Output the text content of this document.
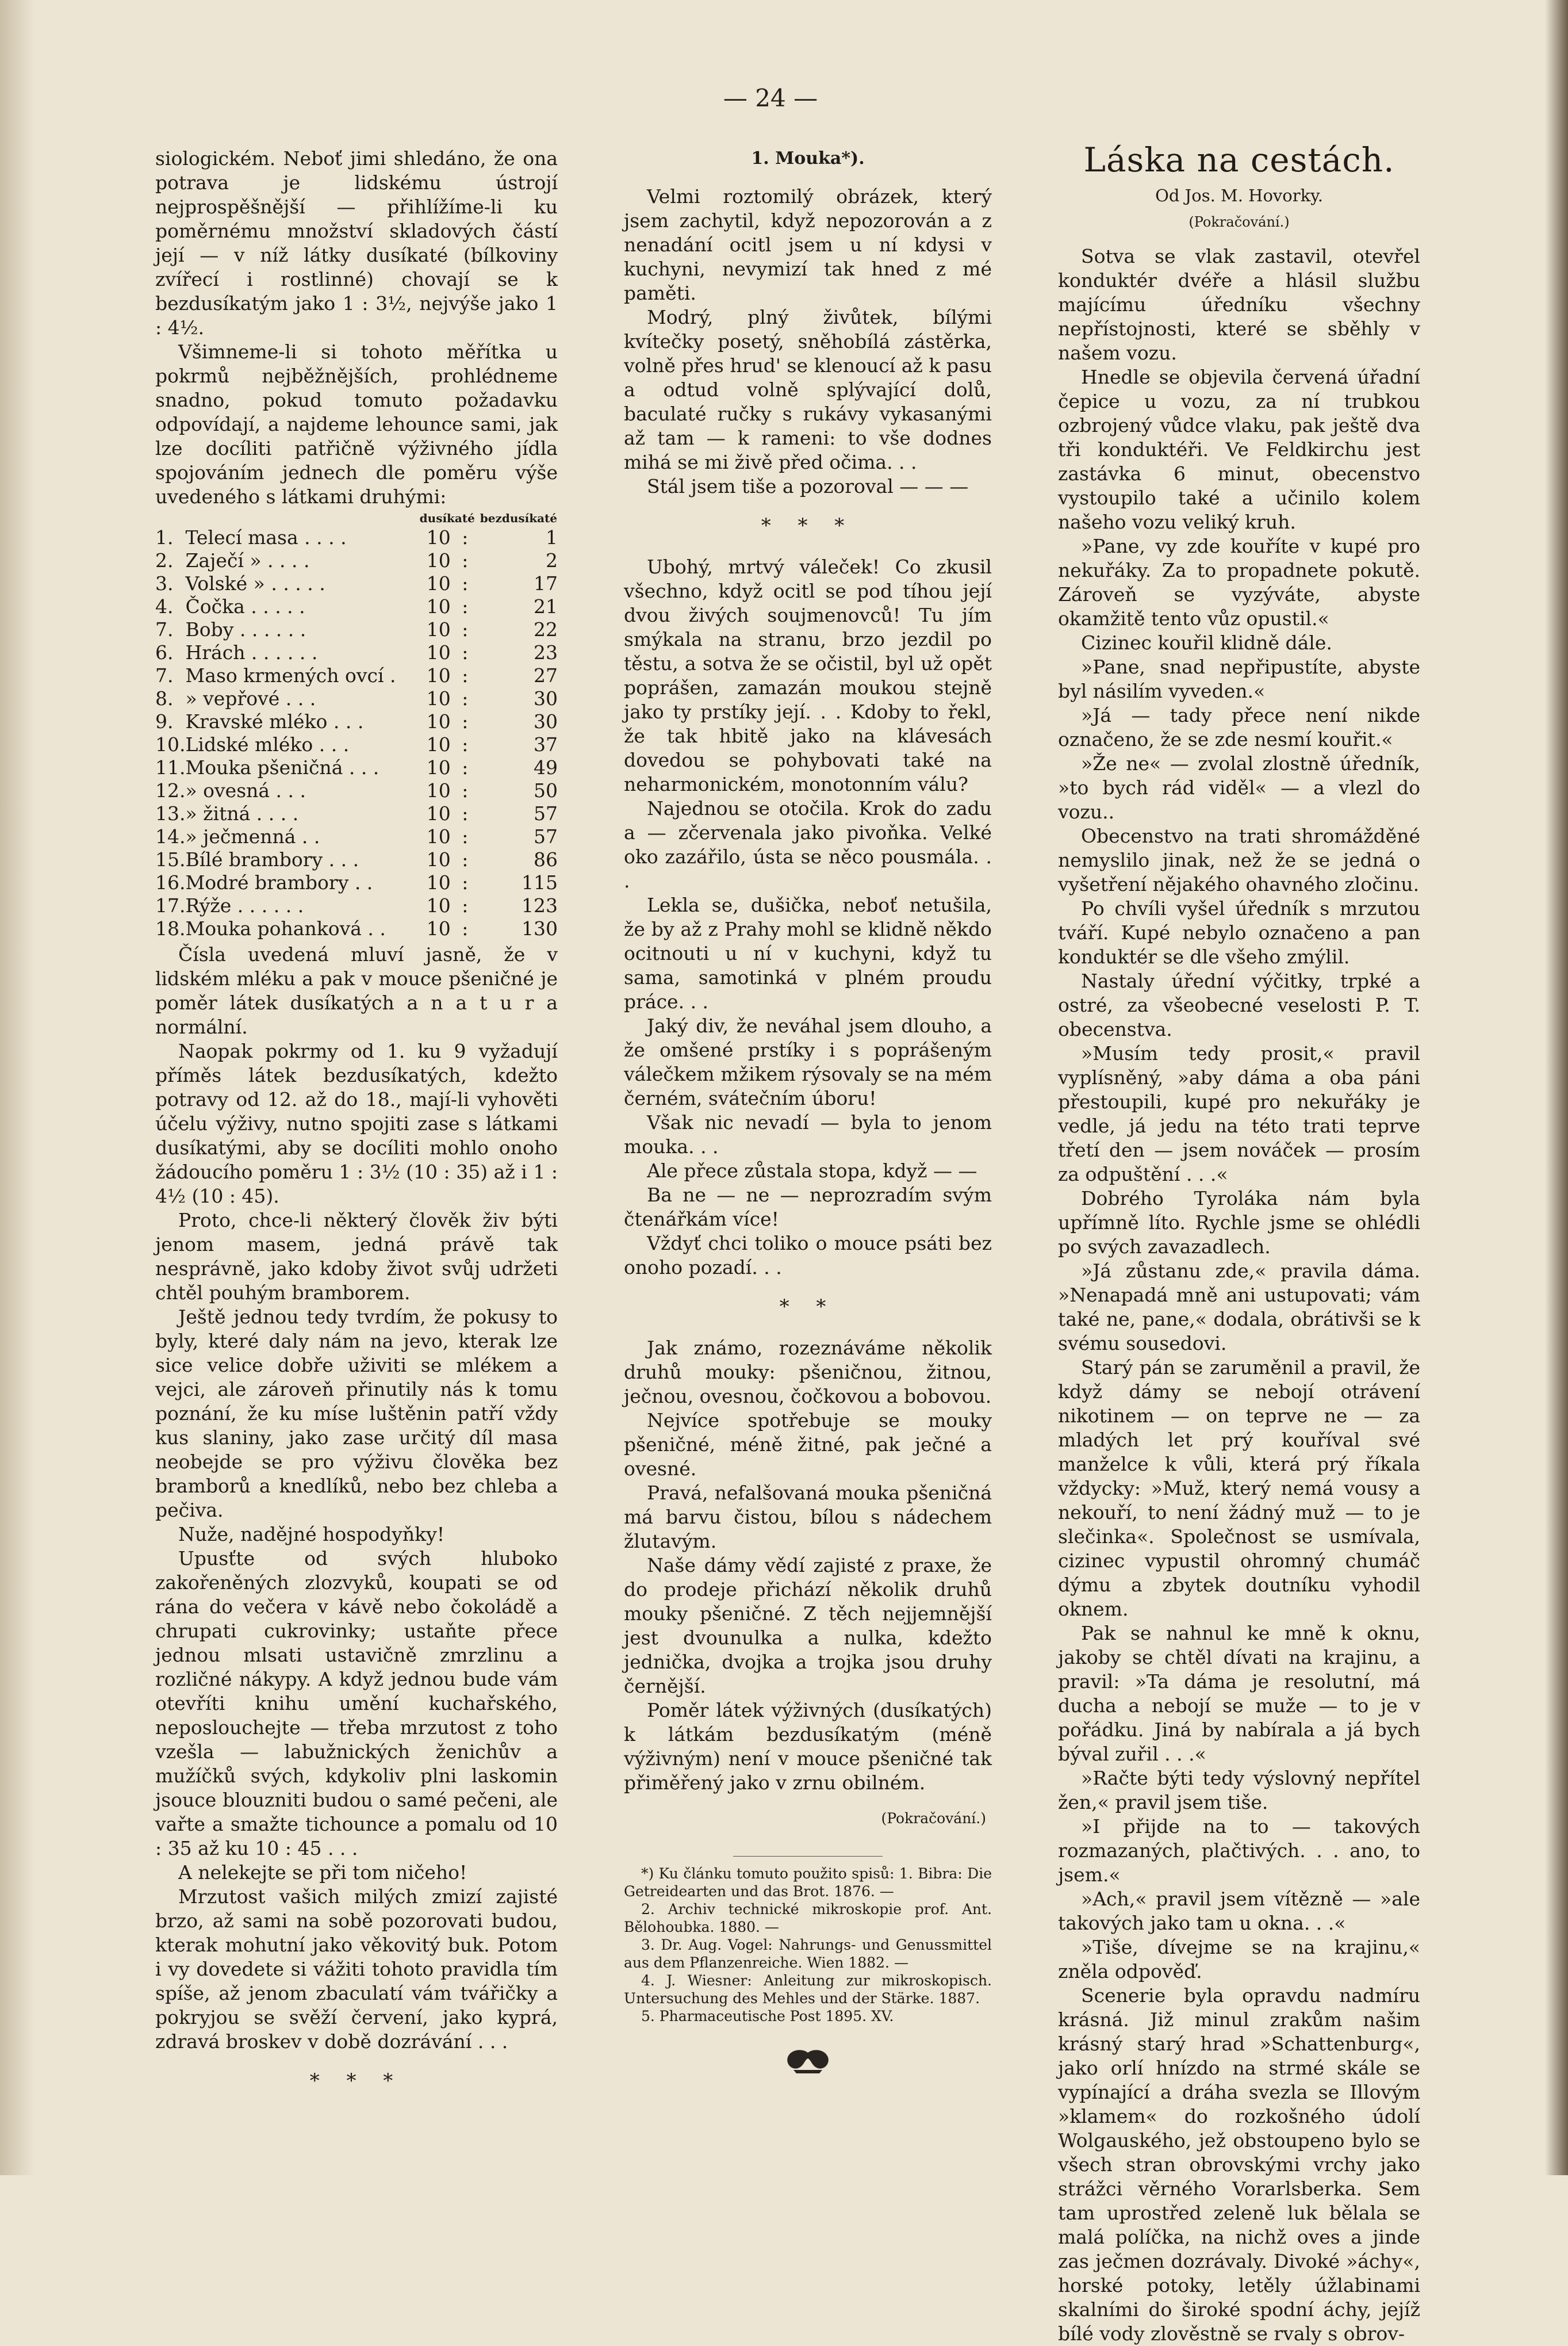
— 24 —

siologickém. Neboť jimi shledáno, že ona potrava je lidskému ústrojí nejprospěšnější — přihlížíme-li ku poměrnému množství skladových částí její — v níž látky dusíkaté (bílkoviny zvířecí i rostlinné) chovají se k bezdusíkatým jako 1 : 3½, nejvýše jako 1 : 4½.

Všimneme-li si tohoto měřítka u pokrmů nejběžnějších, prohlédneme snadno, pokud tomuto požadavku odpovídají, a najdeme lehounce sami, jak lze docíliti patřičně výživného jídla spojováním jednech dle poměru výše uvedeného s látkami druhými:

		dusíkaté		bezdusíkaté
1.	Telecí masa . . . .	10	:	1
2.	Zaječí » . . . .	10	:	2
3.	Volské » . . . . .	10	:	17
4.	Čočka . . . . .	10	:	21
7.	Boby . . . . . .	10	:	22
6.	Hrách . . . . . .	10	:	23
7.	Maso krmených ovcí .	10	:	27
8.	» vepřové . . .	10	:	30
9.	Kravské mléko . . .	10	:	30
10.	Lidské mléko . . .	10	:	37
11.	Mouka pšeničná . . .	10	:	49
12.	» ovesná . . .	10	:	50
13.	» žitná . . . .	10	:	57
14.	» ječmenná . .	10	:	57
15.	Bílé brambory . . .	10	:	86
16.	Modré brambory . .	10	:	115
17.	Rýže . . . . . .	10	:	123
18.	Mouka pohanková . .	10	:	130

Čísla uvedená mluví jasně, že v lidském mléku a pak v mouce pšeničné je poměr látek dusíkatých a n a t u r a normální.

Naopak pokrmy od 1. ku 9 vyžadují příměs látek bezdusíkatých, kdežto potravy od 12. až do 18., mají-li vyhověti účelu výživy, nutno spojiti zase s látkami dusíkatými, aby se docíliti mohlo onoho žádoucího poměru 1 : 3½ (10 : 35) až i 1 : 4½ (10 : 45).

Proto, chce-li některý člověk živ býti jenom masem, jedná právě tak nesprávně, jako kdoby život svůj udržeti chtěl pouhým bramborem.

Ještě jednou tedy tvrdím, že pokusy to byly, které daly nám na jevo, kterak lze sice velice dobře uživiti se mlékem a vejci, ale zároveň přinutily nás k tomu poznání, že ku míse luštěnin patří vždy kus slaniny, jako zase určitý díl masa neobejde se pro výživu člověka bez bramborů a knedlíků, nebo bez chleba a pečiva.

Nuže, nadějné hospodyňky!

Upusťte od svých hluboko zakořeněných zlozvyků, koupati se od rána do večera v kávě nebo čokoládě a chrupati cukrovinky; ustaňte přece jednou mlsati ustavičně zmrzlinu a rozličné nákypy. A když jednou bude vám otevříti knihu umění kuchařského, neposlouchejte — třeba mrzutost z toho vzešla — labužnických ženichův a mužíčků svých, kdykoliv plni laskomin jsouce blouzniti budou o samé pečeni, ale vařte a smažte tichounce a pomalu od 10 : 35 až ku 10 : 45 . . .

A nelekejte se při tom ničeho!

Mrzutost vašich milých zmizí zajisté brzo, až sami na sobě pozorovati budou, kterak mohutní jako věkovitý buk. Potom i vy dovedete si vážiti tohoto pravidla tím spíše, až jenom zbaculatí vám tvářičky a pokryjou se svěží červení, jako kyprá, zdravá broskev v době dozrávání . . .

* * *
1. Mouka*).

Velmi roztomilý obrázek, který jsem zachytil, když nepozorován a z nenadání ocitl jsem u ní kdysi v kuchyni, nevymizí tak hned z mé paměti.

Modrý, plný živůtek, bílými kvítečky posetý, sněhobílá zástěrka, volně přes hrud' se klenoucí až k pasu a odtud volně splývající dolů, baculaté ručky s rukávy vykasanými až tam — k rameni: to vše dodnes mihá se mi živě před očima. . .

Stál jsem tiše a pozoroval — — —

* * *

Ubohý, mrtvý váleček! Co zkusil všechno, když ocitl se pod tíhou její dvou živých soujmenovců! Tu jím smýkala na stranu, brzo jezdil po těstu, a sotva že se očistil, byl už opět poprášen, zamazán moukou stejně jako ty prstíky její. . . Kdoby to řekl, že tak hbitě jako na klávesách dovedou se pohybovati také na neharmonickém, monotonním válu?

Najednou se otočila. Krok do zadu a — zčervenala jako pivoňka. Velké oko zazářilo, ústa se něco pousmála. . .

Lekla se, dušička, neboť netušila, že by až z Prahy mohl se klidně někdo ocitnouti u ní v kuchyni, když tu sama, samotinká v plném proudu práce. . .

Jaký div, že neváhal jsem dlouho, a že omšené prstíky i s poprášeným válečkem mžikem rýsovaly se na mém černém, svátečním úboru!

Však nic nevadí — byla to jenom mouka. . .

Ale přece zůstala stopa, když — —

Ba ne — ne — neprozradím svým čtenářkám více!

Vždyť chci toliko o mouce psáti bez onoho pozadí. . .

* *

Jak známo, rozeznáváme několik druhů mouky: pšeničnou, žitnou, ječnou, ovesnou, čočkovou a bobovou.

Nejvíce spotřebuje se mouky pšeničné, méně žitné, pak ječné a ovesné.

Pravá, nefalšovaná mouka pšeničná má barvu čistou, bílou s nádechem žlutavým.

Naše dámy vědí zajisté z praxe, že do prodeje přichází několik druhů mouky pšeničné. Z těch nejjemnější jest dvounulka a nulka, kdežto jednička, dvojka a trojka jsou druhy černější.

Poměr látek výživných (dusíkatých) k látkám bezdusíkatým (méně výživným) není v mouce pšeničné tak přiměřený jako v zrnu obilném.

(Pokračování.)

*) Ku článku tomuto použito spisů: 1. Bibra: Die Getreidearten und das Brot. 1876. —

2. Archiv technické mikroskopie prof. Ant. Bělohoubka. 1880. —

3. Dr. Aug. Vogel: Nahrungs- und Genussmittel aus dem Pflanzenreiche. Wien 1882. —

4. J. Wiesner: Anleitung zur mikroskopisch. Untersuchung des Mehles und der Stärke. 1887.

5. Pharmaceutische Post 1895. XV.

Láska na cestách.
Od Jos. M. Hovorky.
(Pokračování.)

Sotva se vlak zastavil, otevřel konduktér dvéře a hlásil službu majícímu úředníku všechny nepřístojnosti, které se sběhly v našem vozu.

Hnedle se objevila červená úřadní čepice u vozu, za ní trubkou ozbrojený vůdce vlaku, pak ještě dva tři konduktéři. Ve Feldkirchu jest zastávka 6 minut, obecenstvo vystoupilo také a učinilo kolem našeho vozu veliký kruh.

»Pane, vy zde kouříte v kupé pro nekuřáky. Za to propadnete pokutě. Zároveň se vyzýváte, abyste okamžitě tento vůz opustil.«

Cizinec kouřil klidně dále.

»Pane, snad nepřipustíte, abyste byl násilím vyveden.«

»Já — tady přece není nikde označeno, že se zde nesmí kouřit.«

»Že ne« — zvolal zlostně úředník, »to bych rád viděl« — a vlezl do vozu..

Obecenstvo na trati shromážděné nemyslilo jinak, než že se jedná o vyšetření nějakého ohavného zločinu.

Po chvíli vyšel úředník s mrzutou tváří. Kupé nebylo označeno a pan konduktér se dle všeho zmýlil.

Nastaly úřední výčitky, trpké a ostré, za všeobecné veselosti P. T. obecenstva.

»Musím tedy prosit,« pravil vyplísněný, »aby dáma a oba páni přestoupili, kupé pro nekuřáky je vedle, já jedu na této trati teprve třetí den — jsem nováček — prosím za odpuštění . . .«

Dobrého Tyroláka nám byla upřímně líto. Rychle jsme se ohlédli po svých zavazadlech.

»Já zůstanu zde,« pravila dáma. »Nenapadá mně ani ustupovati; vám také ne, pane,« dodala, obrátivši se k svému sousedovi.

Starý pán se zaruměnil a pravil, že když dámy se nebojí otrávení nikotinem — on teprve ne — za mladých let prý kouříval své manželce k vůli, která prý říkala vždycky: »Muž, který nemá vousy a nekouří, to není žádný muž — to je slečinka«. Společnost se usmívala, cizinec vypustil ohromný chumáč dýmu a zbytek doutníku vyhodil oknem.

Pak se nahnul ke mně k oknu, jakoby se chtěl dívati na krajinu, a pravil: »Ta dáma je resolutní, má ducha a nebojí se muže — to je v pořádku. Jiná by nabírala a já bych býval zuřil . . .«

»Račte býti tedy výslovný nepřítel žen,« pravil jsem tiše.

»I přijde na to — takových rozmazaných, plačtivých. . . ano, to jsem.«

»Ach,« pravil jsem vítězně — »ale takových jako tam u okna. . .«

»Tiše, dívejme se na krajinu,« zněla odpověď.

Scenerie byla opravdu nadmíru krásná. Již minul zrakům našim krásný starý hrad »Schattenburg«, jako orlí hnízdo na strmé skále se vypínající a dráha svezla se Illovým »klamem« do rozkošného údolí Wolgauského, jež obstoupeno bylo se všech stran obrovskými vrchy jako strážci věrného Vorarlsberka. Sem tam uprostřed zeleně luk bělala se malá políčka, na nichž oves a jinde zas ječmen dozrávaly. Divoké »áchy«, horské potoky, letěly úžlabinami skalními do široké spodní áchy, jejíž bílé vody zlověstně se rvaly s obrov-
